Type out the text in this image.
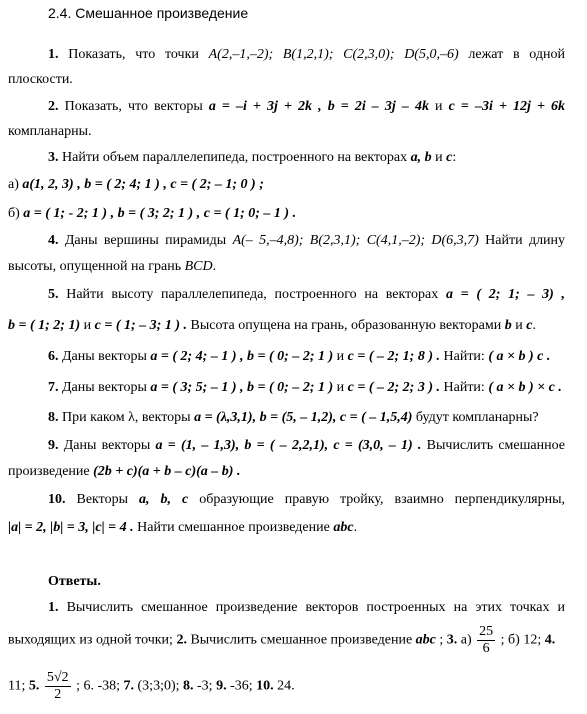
2.4. Смешанное произведение
1. Показать, что точки A(2,–1,–2); B(1,2,1); C(2,3,0); D(5,0,–6) лежат в одной
плоскости.
2. Показать, что векторы a = –i + 3j + 2k , b = 2i – 3j – 4k и c = –3i + 12j + 6k
компланарны.
3. Найти объем параллелепипеда, построенного на векторах a, b и c:
а) a(1, 2, 3) , b = ( 2; 4; 1 ) , c = ( 2; – 1; 0 ) ;
б) a = ( 1; - 2; 1 ) , b = ( 3; 2; 1 ) , c = ( 1; 0; – 1 ) .
4. Даны вершины пирамиды A(– 5,–4,8); B(2,3,1); C(4,1,–2); D(6,3,7) Найти длину
высоты, опущенной на грань BCD.
5. Найти высоту параллелепипеда, построенного на векторах a = ( 2; 1; – 3) ,
b = ( 1; 2; 1) и c = ( 1; – 3; 1 ) . Высота опущена на грань, образованную векторами b и c.
6. Даны векторы a = ( 2; 4; – 1 ) , b = ( 0; – 2; 1 ) и c = ( – 2; 1; 8 ) . Найти: ( a × b ) c .
7. Даны векторы a = ( 3; 5; – 1 ) , b = ( 0; – 2; 1 ) и c = ( – 2; 2; 3 ) . Найти: ( a × b ) × c .
8. При каком λ, векторы a = (λ,3,1), b = (5, – 1,2), c = ( – 1,5,4) будут компланарны?
9. Даны векторы a = (1, – 1,3), b = ( – 2,2,1), c = (3,0, – 1) . Вычислить смешанное
произведение (2b + c)(a + b – c)(a – b) .
10. Векторы a, b, c образующие правую тройку, взаимно перпендикулярны,
|a| = 2, |b| = 3, |c| = 4 . Найти смешанное произведение abc.
Ответы.
1. Вычислить смешанное произведение векторов построенных на этих точках и
выходящих из одной точки; 2. Вычислить смешанное произведение abc ; 3. $а) \frac{25}{6}$ ; б) 12; 4.
11; 5. $\frac{5√2}{2}$ ; 6. -38; 7. (3;3;0); 8. -3; 9. -36; 10. 24.
